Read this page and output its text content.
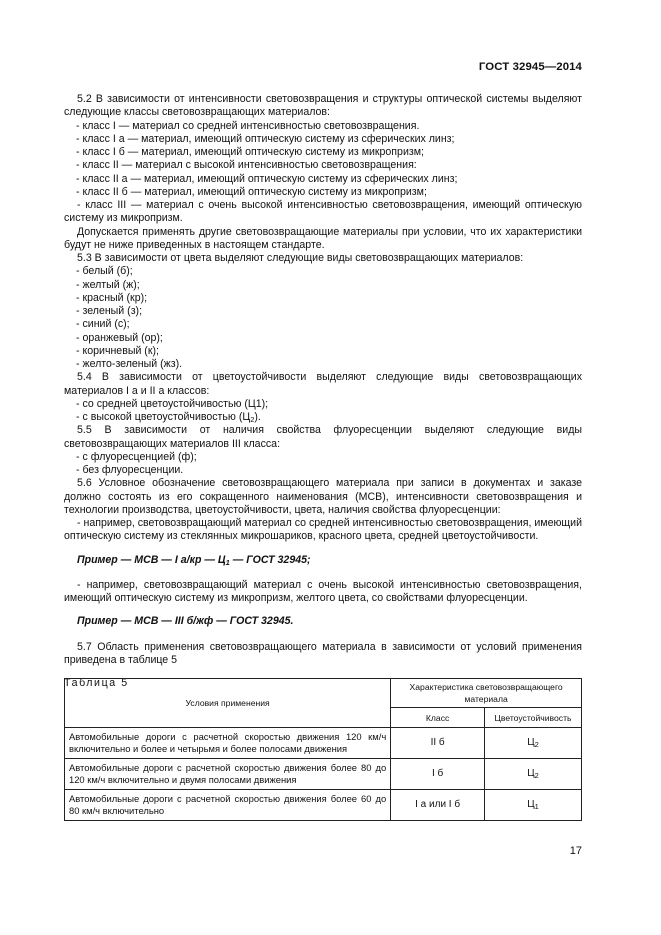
ГОСТ 32945—2014

5.2 В зависимости от интенсивности световозвращения и структуры оптической системы выделяют следующие классы световозвращающих материалов:

- класс I — материал со средней интенсивностью световозвращения.

- класс I а — материал, имеющий оптическую систему из сферических линз;

- класс I б — материал, имеющий оптическую систему из микропризм;

- класс II — материал с высокой интенсивностью световозвращения:

- класс II а — материал, имеющий оптическую систему из сферических линз;

- класс II б — материал, имеющий оптическую систему из микропризм;

- класс III — материал с очень высокой интенсивностью световозвращения, имеющий оптическую систему из микропризм.

Допускается применять другие световозвращающие материалы при условии, что их характеристики будут не ниже приведенных в настоящем стандарте.

5.3 В зависимости от цвета выделяют следующие виды световозвращающих материалов:

- белый (б);

- желтый (ж);

- красный (кр);

- зеленый (з);

- синий (с);

- оранжевый (ор);

- коричневый (к);

- желто-зеленый (жз).

5.4 В зависимости от цветоустойчивости выделяют следующие виды световозвращающих материалов I а и II а классов:

- со средней цветоустойчивостью (Ц1);

- с высокой цветоустойчивостью $(Ц_2)$.

5.5 В зависимости от наличия свойства флуоресценции выделяют следующие виды световозвращающих материалов III класса:

- с флуоресценцией (ф);

- без флуоресценции.

5.6 Условное обозначение световозвращающего материала при записи в документах и заказе должно состоять из его сокращенного наименования (МСВ), интенсивности световозвращения и технологии производства, цветоустойчивости, цвета, наличия свойства флуоресценции:

- например, световозвращающий материал со средней интенсивностью световозвращения, имеющий оптическую систему из стеклянных микрошариков, красного цвета, средней цветоустойчивости.

Пример — МСВ — I а/кр — $Ц_1$ — ГОСТ 32945;

- например, световозвращающий материал с очень высокой интенсивностью световозвращения, имеющий оптическую систему из микропризм, желтого цвета, со свойствами флуоресценции.

Пример — МСВ — III б/жф — ГОСТ 32945.

5.7 Область применения световозвращающего материала в зависимости от условий применения приведена в таблице 5

Таблица 5

Условия применения	Характеристика световозвращающего материала	
	Класс	Цветоустойчивость
Автомобильные дороги с расчетной скоростью движения 120 км/ч включительно и более и четырьмя и более полосами движения	II б	$Ц_2$
Автомобильные дороги с расчетной скоростью движения более 80 до 120 км/ч включительно и двумя полосами движения	I б	$Ц_2$
Автомобильные дороги с расчетной скоростью движения более 60 до 80 км/ч включительно	I а или I б	$Ц_1$
17
